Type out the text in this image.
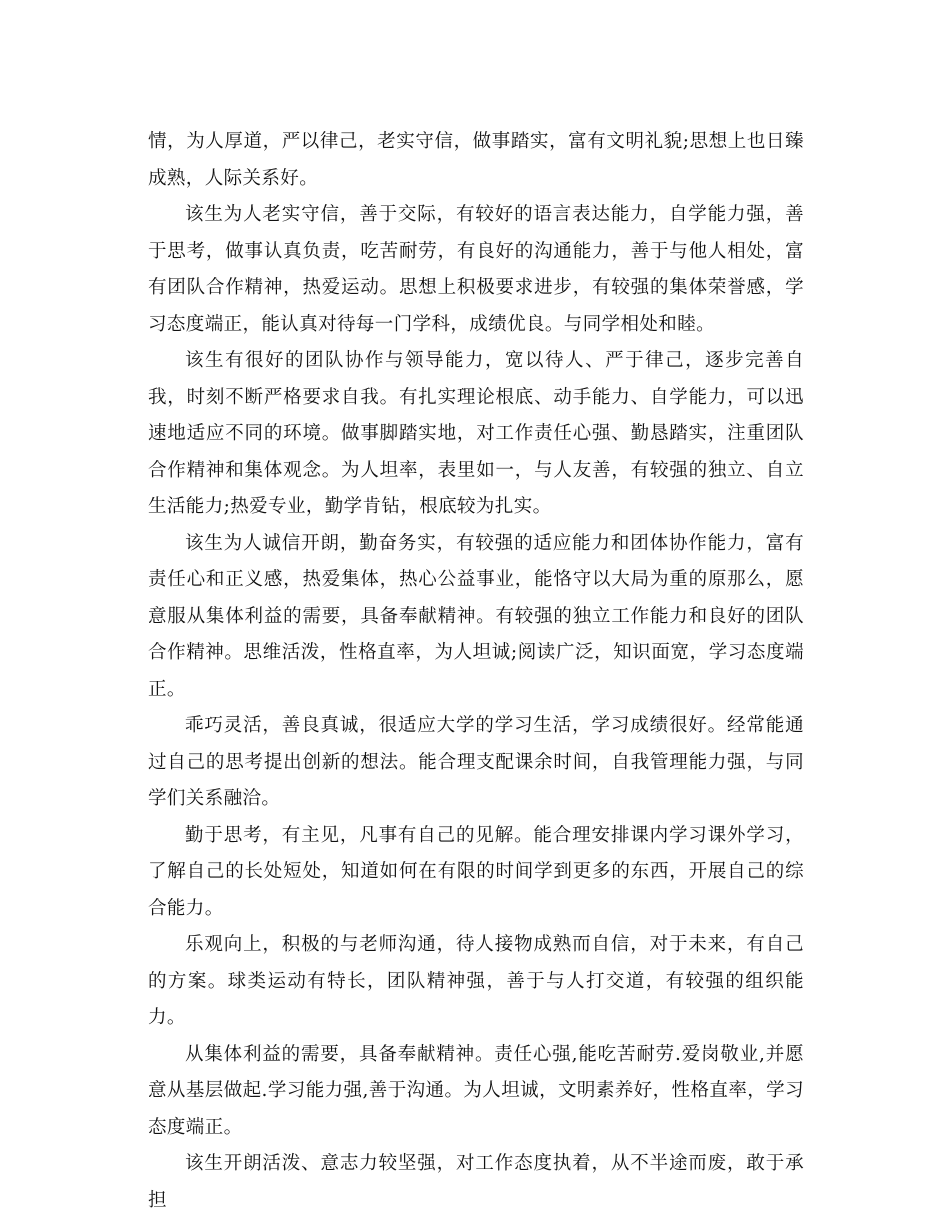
情，为人厚道，严以律己，老实守信，做事踏实，富有文明礼貌;思想上也日臻成熟，人际关系好。

该生为人老实守信，善于交际，有较好的语言表达能力，自学能力强，善于思考，做事认真负责，吃苦耐劳，有良好的沟通能力，善于与他人相处，富有团队合作精神，热爱运动。思想上积极要求进步，有较强的集体荣誉感，学习态度端正，能认真对待每一门学科，成绩优良。与同学相处和睦。

该生有很好的团队协作与领导能力，宽以待人、严于律己，逐步完善自我，时刻不断严格要求自我。有扎实理论根底、动手能力、自学能力，可以迅速地适应不同的环境。做事脚踏实地，对工作责任心强、勤恳踏实，注重团队合作精神和集体观念。为人坦率，表里如一，与人友善，有较强的独立、自立生活能力;热爱专业，勤学肯钻，根底较为扎实。

该生为人诚信开朗，勤奋务实，有较强的适应能力和团体协作能力，富有责任心和正义感，热爱集体，热心公益事业，能恪守以大局为重的原那么，愿意服从集体利益的需要，具备奉献精神。有较强的独立工作能力和良好的团队合作精神。思维活泼，性格直率，为人坦诚;阅读广泛，知识面宽，学习态度端正。

乖巧灵活，善良真诚，很适应大学的学习生活，学习成绩很好。经常能通过自己的思考提出创新的想法。能合理支配课余时间，自我管理能力强，与同学们关系融洽。

勤于思考，有主见，凡事有自己的见解。能合理安排课内学习课外学习，了解自己的长处短处，知道如何在有限的时间学到更多的东西，开展自己的综合能力。

乐观向上，积极的与老师沟通，待人接物成熟而自信，对于未来，有自己的方案。球类运动有特长，团队精神强，善于与人打交道，有较强的组织能力。

从集体利益的需要，具备奉献精神。责任心强,能吃苦耐劳.爱岗敬业,并愿意从基层做起.学习能力强,善于沟通。为人坦诚，文明素养好，性格直率，学习态度端正。

该生开朗活泼、意志力较坚强，对工作态度执着，从不半途而废，敢于承担
